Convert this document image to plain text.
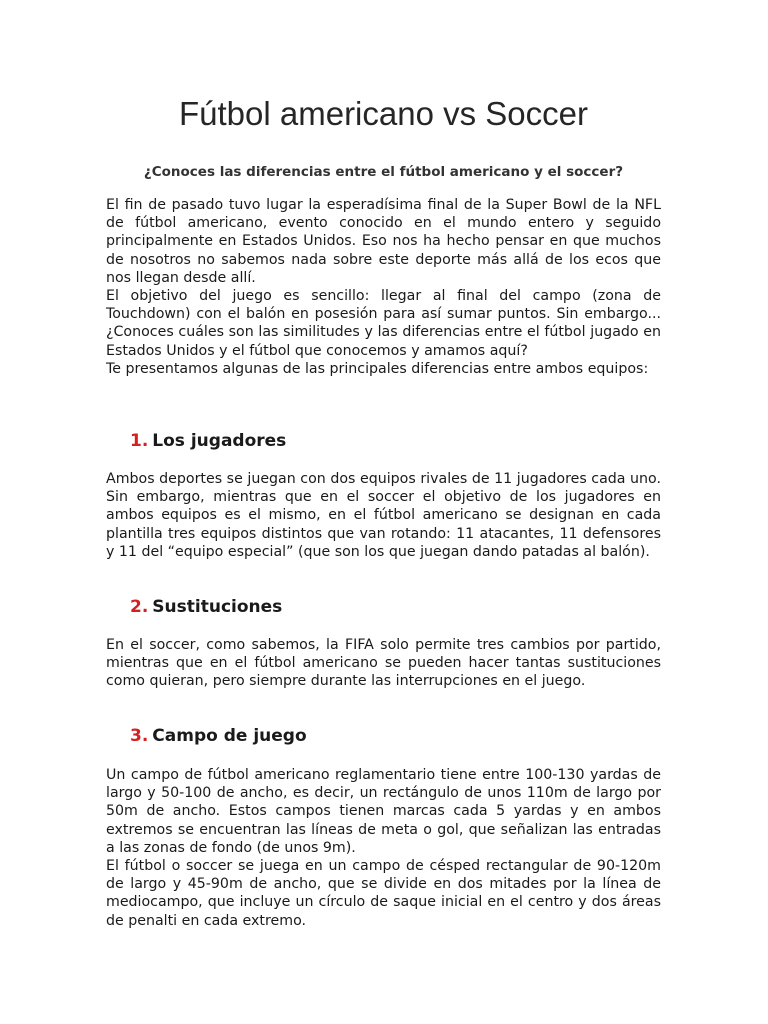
Fútbol americano vs Soccer
¿Conoces las diferencias entre el fútbol americano y el soccer?

El fin de pasado tuvo lugar la esperadísima final de la Super Bowl de la NFL de fútbol americano, evento conocido en el mundo entero y seguido principalmente en Estados Unidos. Eso nos ha hecho pensar en que muchos de nosotros no sabemos nada sobre este deporte más allá de los ecos que nos llegan desde allí.

El objetivo del juego es sencillo: llegar al final del campo (zona de Touchdown) con el balón en posesión para así sumar puntos. Sin embargo... ¿Conoces cuáles son las similitudes y las diferencias entre el fútbol jugado en Estados Unidos y el fútbol que conocemos y amamos aquí?

Te presentamos algunas de las principales diferencias entre ambos equipos:

1. Los jugadores

Ambos deportes se juegan con dos equipos rivales de 11 jugadores cada uno. Sin embargo, mientras que en el soccer el objetivo de los jugadores en ambos equipos es el mismo, en el fútbol americano se designan en cada plantilla tres equipos distintos que van rotando: 11 atacantes, 11 defensores y 11 del “equipo especial” (que son los que juegan dando patadas al balón).

2. Sustituciones

En el soccer, como sabemos, la FIFA solo permite tres cambios por partido, mientras que en el fútbol americano se pueden hacer tantas sustituciones como quieran, pero siempre durante las interrupciones en el juego.

3. Campo de juego

Un campo de fútbol americano reglamentario tiene entre 100-130 yardas de largo y 50-100 de ancho, es decir, un rectángulo de unos 110m de largo por 50m de ancho. Estos campos tienen marcas cada 5 yardas y en ambos extremos se encuentran las líneas de meta o gol, que señalizan las entradas a las zonas de fondo (de unos 9m).

El fútbol o soccer se juega en un campo de césped rectangular de 90-120m de largo y 45-90m de ancho, que se divide en dos mitades por la línea de mediocampo, que incluye un círculo de saque inicial en el centro y dos áreas de penalti en cada extremo.
